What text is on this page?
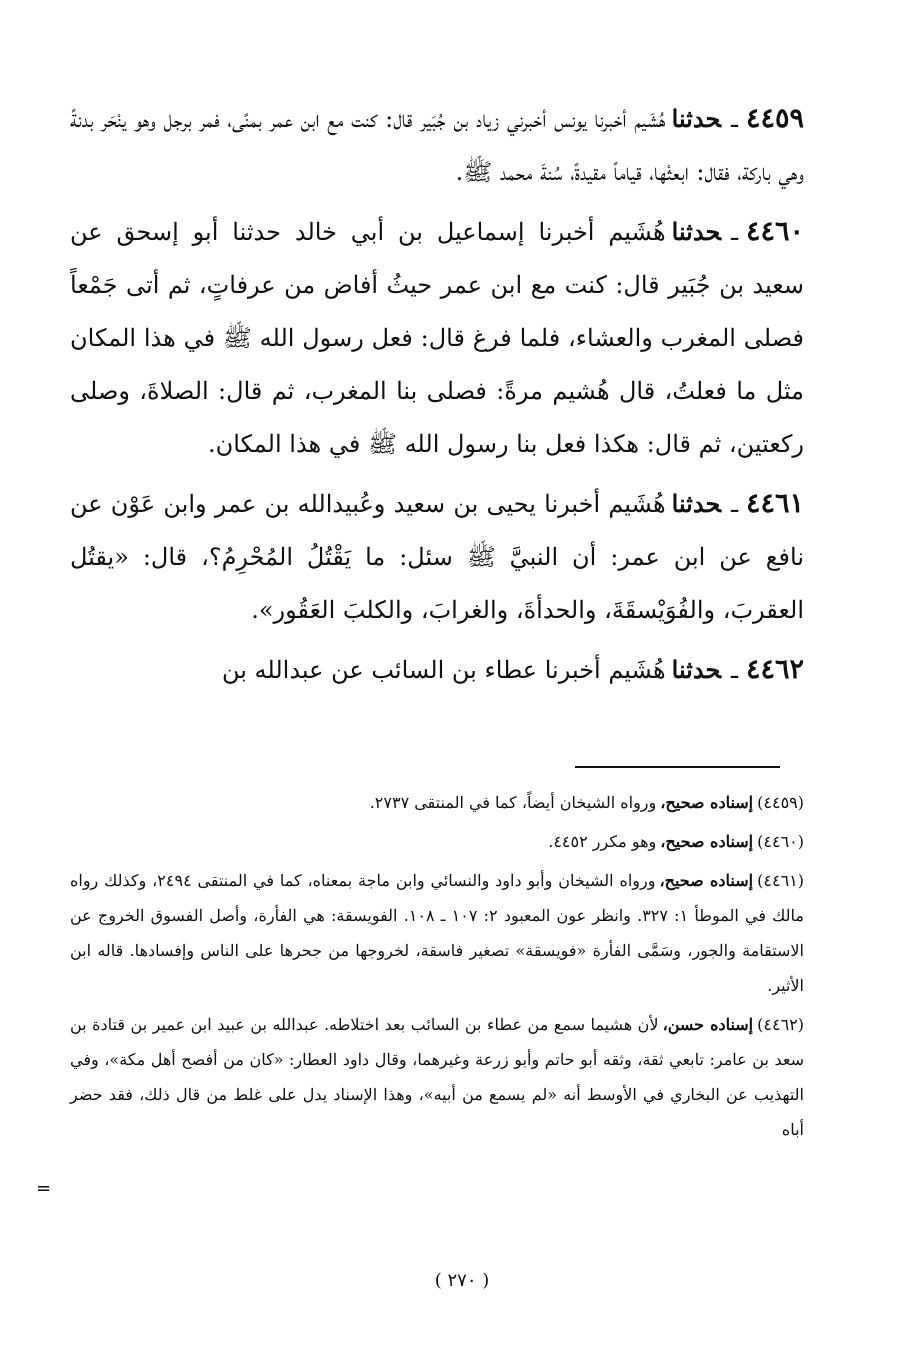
٤٤٥٩ـحدثناهُشَيم أخبرنا يونس أخبرني زياد بن جُبَير قال: كنت مع ابن عمر بمنًى، فمر برجل وهو ينْحَر بدنةً وهي باركة، فقال: ابعثْها، قياماً مقيدةً، سُنةَ محمد ﷺ.

٤٤٦٠ـحدثناهُشَيم أخبرنا إسماعيل بن أبي خالد حدثنا أبو إسحق عن سعيد بن جُبَير قال: كنت مع ابن عمر حيثُ أفاض من عرفاتٍ، ثم أتى جَمْعاً فصلى المغرب والعشاء، فلما فرغ قال: فعل رسول الله ﷺ في هذا المكان مثل ما فعلتُ، قال هُشيم مرةً: فصلى بنا المغرب، ثم قال: الصلاةَ، وصلى ركعتين، ثم قال: هكذا فعل بنا رسول الله ﷺ في هذا المكان.

٤٤٦١ـحدثناهُشَيم أخبرنا يحيى بن سعيد وعُبيدالله بن عمر وابن عَوْن عن نافع عن ابن عمر: أن النبيَّ ﷺ سئل: ما يَقْتُلُ المُحْرِمُ؟، قال: «يقتُل العقربَ، والفُوَيْسقَةَ، والحدأةَ، والغرابَ، والكلبَ العَقُور».

٤٤٦٢ـحدثناهُشَيم أخبرنا عطاء بن السائب عن عبدالله بن

(٤٤٥٩)إسناده صحيح،ورواه الشيخان أيضاً، كما في المنتقى ٢٧٣٧.

(٤٤٦٠)إسناده صحيح،وهو مكرر ٤٤٥٢.

(٤٤٦١)إسناده صحيح،ورواه الشيخان وأبو داود والنسائي وابن ماجة بمعناه، كما في المنتقى ٢٤٩٤، وكذلك رواه مالك في الموطأ ١: ٣٢٧. وانظر عون المعبود ٢: ١٠٧ ـ ١٠٨. الفويسقة: هي الفأرة، وأصل الفسوق الخروج عن الاستقامة والجور، وسَمَّى الفأرة «فويسقة» تصغير فاسقة، لخروجها من جحرها على الناس وإفسادها. قاله ابن الأثير.

(٤٤٦٢)إسناده حسن،لأن هشيما سمع من عطاء بن السائب بعد اختلاطه. عبدالله بن عبيد ابن عمير بن قتادة بن سعد بن عامر: تابعي ثقة، وثقه أبو حاتم وأبو زرعة وغيرهما، وقال داود العطار: «كان من أفصح أهل مكة»، وفي التهذيب عن البخاري في الأوسط أنه «لم يسمع من أبيه»، وهذا الإسناد يدل على غلط من قال ذلك، فقد حضر أباه

=
( ٢٧٠ )
